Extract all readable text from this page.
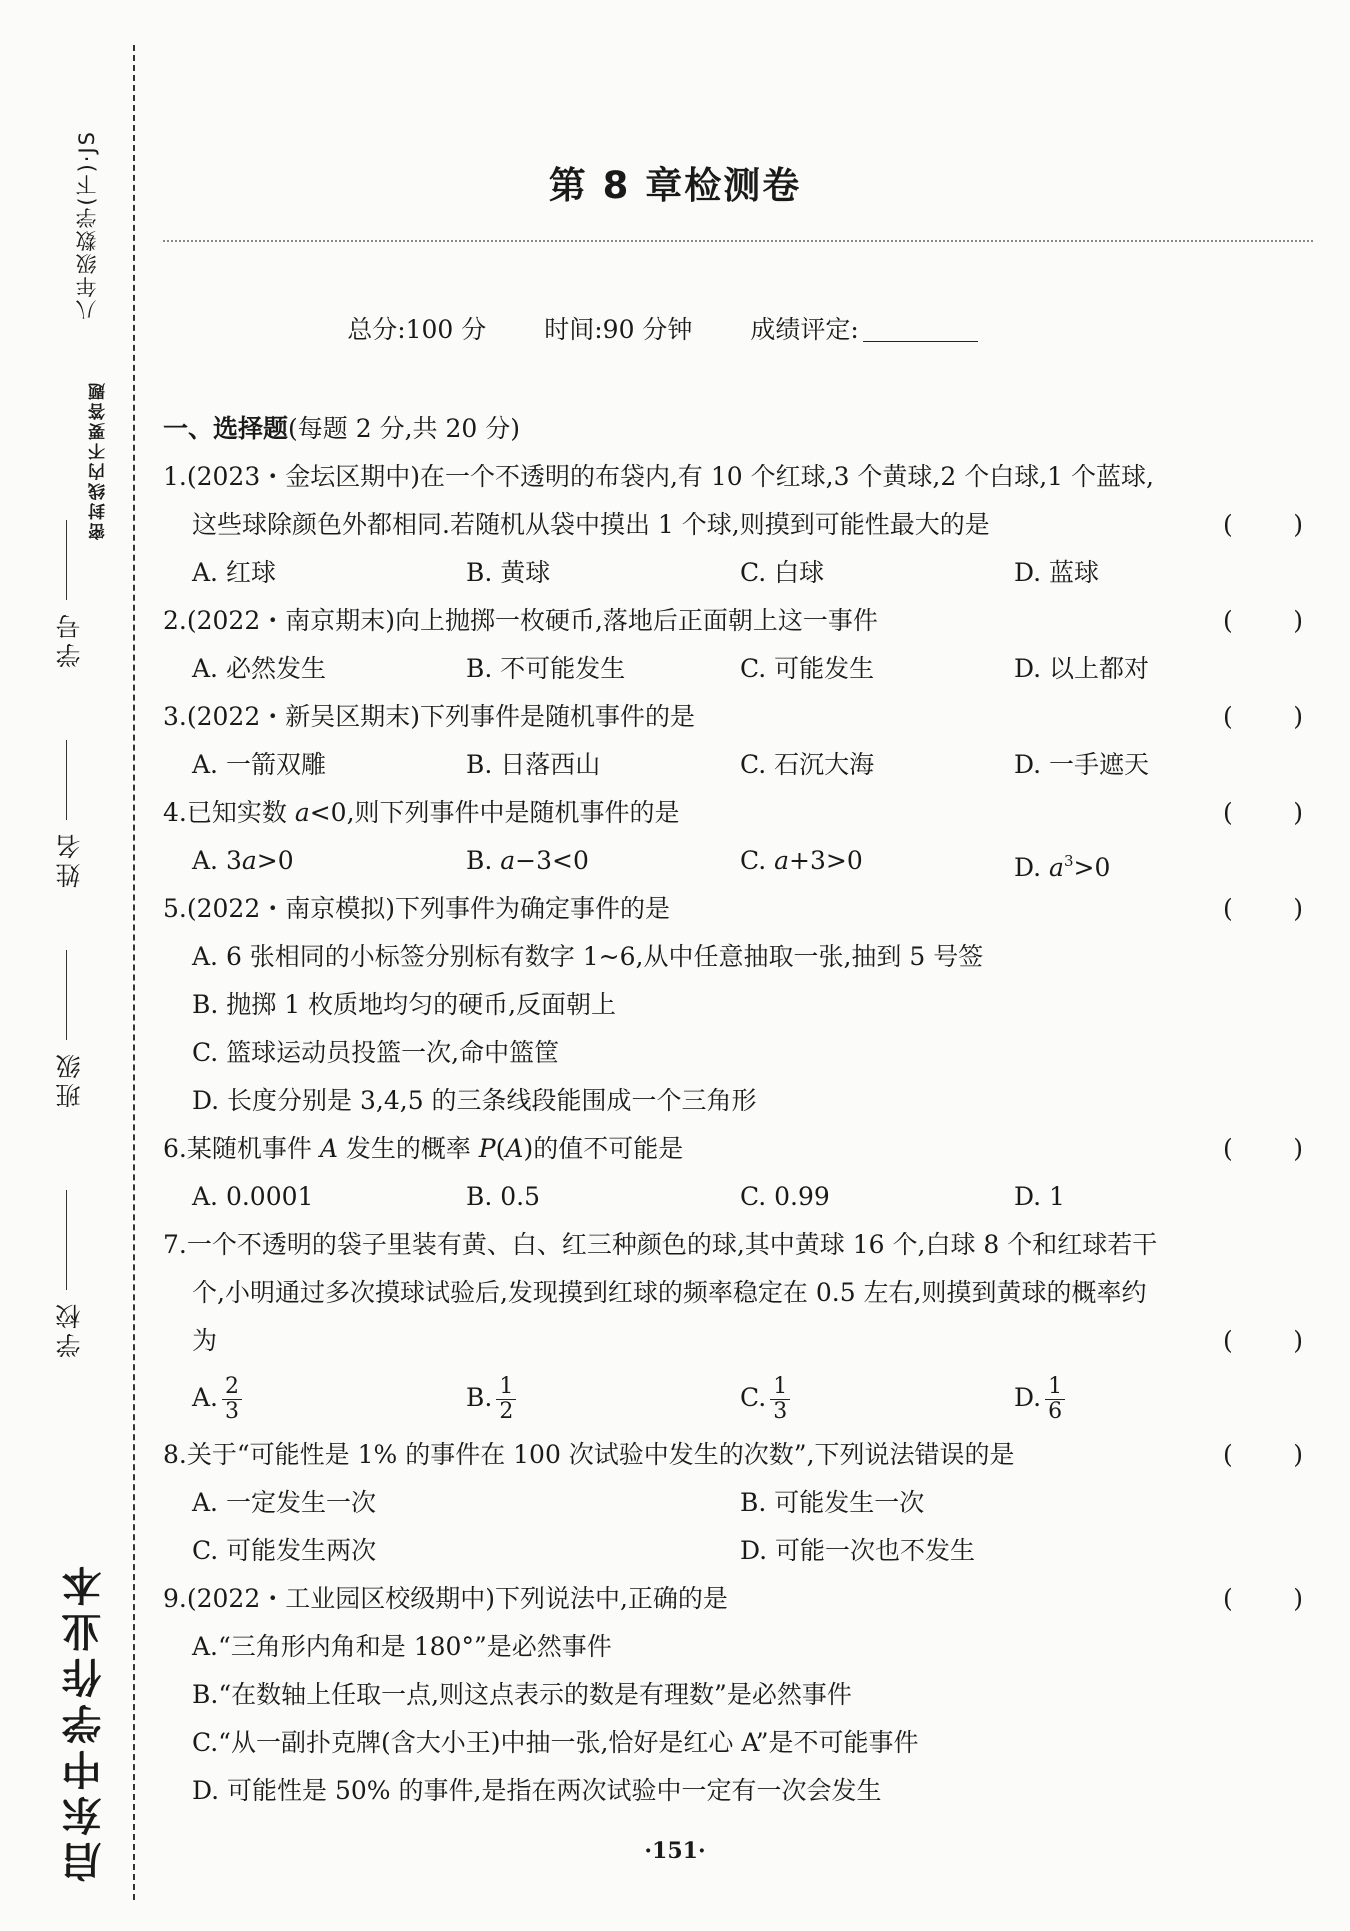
八年级数学(下)·JS
密封线内不要答题
学号
姓名
班级
学校
启东中学作业本
第 8 章检测卷
总分:100 分 时间:90 分钟 成绩评定:
一、选择题(每题 2 分,共 20 分)
1.(2023・金坛区期中)在一个不透明的布袋内,有 10 个红球,3 个黄球,2 个白球,1 个蓝球,
这些球除颜色外都相同.若随机从袋中摸出 1 个球,则摸到可能性最大的是	( )
A. 红球	B. 黄球	C. 白球	D. 蓝球
2.(2022・南京期末)向上抛掷一枚硬币,落地后正面朝上这一事件	( )
A. 必然发生	B. 不可能发生	C. 可能发生	D. 以上都对
3.(2022・新吴区期末)下列事件是随机事件的是	( )
A. 一箭双雕	B. 日落西山	C. 石沉大海	D. 一手遮天
4.已知实数 a<0,则下列事件中是随机事件的是	( )
A. 3a>0	B. a−3<0	C. a+3>0	D. $a^3>0$
5.(2022・南京模拟)下列事件为确定事件的是	( )
A. 6 张相同的小标签分别标有数字 1~6,从中任意抽取一张,抽到 5 号签
B. 抛掷 1 枚质地均匀的硬币,反面朝上
C. 篮球运动员投篮一次,命中篮筐
D. 长度分别是 3,4,5 的三条线段能围成一个三角形
6.某随机事件 A 发生的概率 P(A)的值不可能是	( )
A. 0.0001	B. 0.5	C. 0.99	D. 1
7.一个不透明的袋子里装有黄、白、红三种颜色的球,其中黄球 16 个,白球 8 个和红球若干
个,小明通过多次摸球试验后,发现摸到红球的频率稳定在 0.5 左右,则摸到黄球的概率约
为	( )
A. $\frac{2}{3}$	B. $\frac{1}{2}$	C. $\frac{1}{3}$	D. $\frac{1}{6}$
8.关于“可能性是 1% 的事件在 100 次试验中发生的次数”,下列说法错误的是	( )
A. 一定发生一次	B. 可能发生一次
C. 可能发生两次	D. 可能一次也不发生
9.(2022・工业园区校级期中)下列说法中,正确的是	( )
A.“三角形内角和是 180°”是必然事件
B.“在数轴上任取一点,则这点表示的数是有理数”是必然事件
C.“从一副扑克牌(含大小王)中抽一张,恰好是红心 A”是不可能事件
D. 可能性是 50% 的事件,是指在两次试验中一定有一次会发生
·151·
